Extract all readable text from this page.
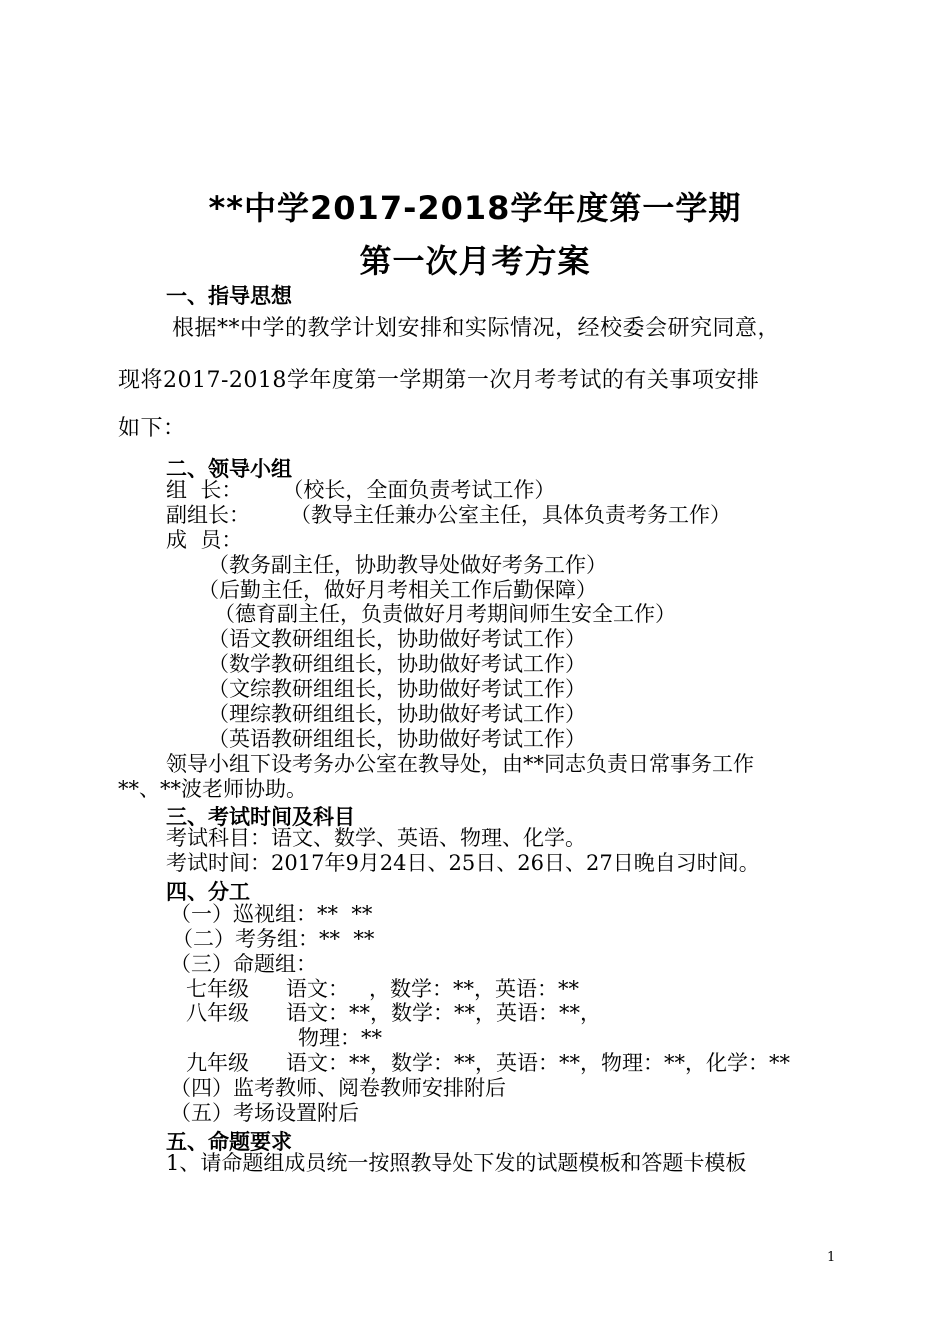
**中学2017-2018学年度第一学期
第一次月考方案
一、指导思想
根据**中学的教学计划安排和实际情况，经校委会研究同意，
现将2017-2018学年度第一学期第一次月考考试的有关事项安排
如下：
二、领导小组
组  长：      （校长，全面负责考试工作）
副组长：      （教导主任兼办公室主任，具体负责考务工作）
成  员：
（教务副主任，协助教导处做好考务工作）
（后勤主任，做好月考相关工作后勤保障）
（德育副主任，负责做好月考期间师生安全工作）
（语文教研组组长，协助做好考试工作）
（数学教研组组长，协助做好考试工作）
（文综教研组组长，协助做好考试工作）
（理综教研组组长，协助做好考试工作）
（英语教研组组长，协助做好考试工作）
领导小组下设考务办公室在教导处，由**同志负责日常事务工作
**、**波老师协助。
三、考试时间及科目
考试科目：语文、数学、英语、物理、化学。
考试时间：2017年9月24日、25日、26日、27日晚自习时间。
四、分工
（一）巡视组：**  **
（二）考务组：**  **
（三）命题组：
七年级 语文：   ，数学：**，英语：**
八年级 语文：**，数学：**，英语：**，
物理：**
九年级 语文：**，数学：**，英语：**，物理：**，化学：**
（四）监考教师、阅卷教师安排附后
（五）考场设置附后
五、命题要求
1、请命题组成员统一按照教导处下发的试题模板和答题卡模板
1
